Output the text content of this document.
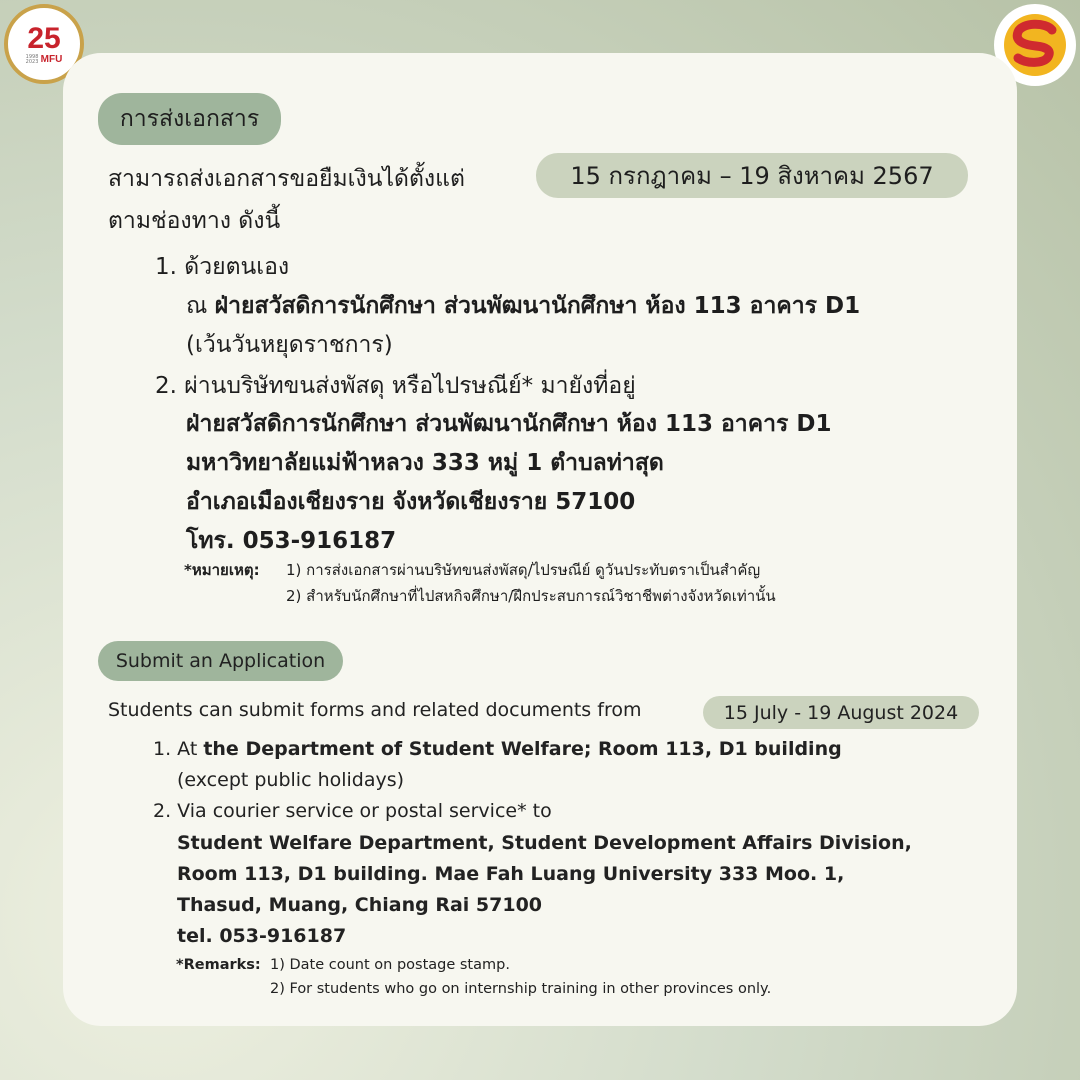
25
1998 2023 MFU
การส่งเอกสาร
สามารถส่งเอกสารขอยืมเงินได้ตั้งแต่	15 กรกฎาคม – 19 สิงหาคม 2567
ตามช่องทาง ดังนี้
1. ด้วยตนเอง
ณ ฝ่ายสวัสดิการนักศึกษา ส่วนพัฒนานักศึกษา ห้อง 113 อาคาร D1
(เว้นวันหยุดราชการ)
2. ผ่านบริษัทขนส่งพัสดุ หรือไปรษณีย์* มายังที่อยู่
ฝ่ายสวัสดิการนักศึกษา ส่วนพัฒนานักศึกษา ห้อง 113 อาคาร D1
มหาวิทยาลัยแม่ฟ้าหลวง 333 หมู่ 1 ตำบลท่าสุด
อำเภอเมืองเชียงราย จังหวัดเชียงราย 57100
โทร. 053-916187
*หมายเหตุ: 1) การส่งเอกสารผ่านบริษัทขนส่งพัสดุ/ไปรษณีย์ ดูวันประทับตราเป็นสำคัญ
2) สำหรับนักศึกษาที่ไปสหกิจศึกษา/ฝึกประสบการณ์วิชาชีพต่างจังหวัดเท่านั้น
Submit an Application
Students can submit forms and related documents from	15 July - 19 August 2024
1. At the Department of Student Welfare; Room 113, D1 building
(except public holidays)
2. Via courier service or postal service* to
Student Welfare Department, Student Development Affairs Division,
Room 113, D1 building. Mae Fah Luang University 333 Moo. 1,
Thasud, Muang, Chiang Rai 57100
tel. 053-916187
*Remarks: 1) Date count on postage stamp.
2) For students who go on internship training in other provinces only.
